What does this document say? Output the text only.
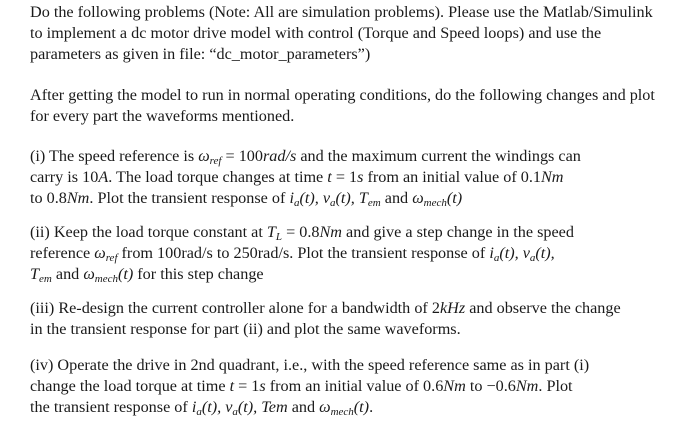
Do the following problems (Note: All are simulation problems). Please use the Matlab/Simulink
to implement a dc motor drive model with control (Torque and Speed loops) and use the
parameters as given in file: “dc_motor_parameters”)
After getting the model to run in normal operating conditions, do the following changes and plot
for every part the waveforms mentioned.
(i) The speed reference is $\omega_{ref} = 100rad/s$ and the maximum current the windings can
carry is 10A. The load torque changes at time t = 1s from an initial value of 0.1Nm
to 0.8Nm. Plot the transient response of $i_a(t)$, $v_a(t)$, $T_{em}$ and $\omega_{mech}(t)$
(ii) Keep the load torque constant at $T_L = 0.8Nm$ and give a step change in the speed
reference $\omega_{ref}$ from 100rad/s to 250rad/s. Plot the transient response of $i_a(t)$, $v_a(t)$,
$T_{em}$ and $\omega_{mech}(t)$ for this step change
(iii) Re-design the current controller alone for a bandwidth of 2kHz and observe the change
in the transient response for part (ii) and plot the same waveforms.
(iv) Operate the drive in 2nd quadrant, i.e., with the speed reference same as in part (i)
change the load torque at time t = 1s from an initial value of 0.6Nm to −0.6Nm. Plot
the transient response of $i_a(t)$, $v_a(t)$, Tem and $\omega_{mech}(t)$.
